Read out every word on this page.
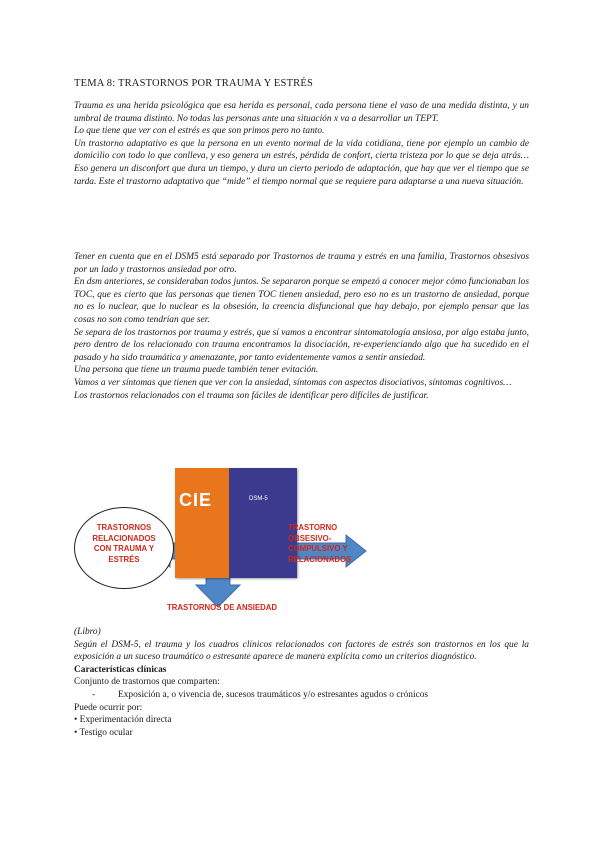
TEMA 8: TRASTORNOS POR TRAUMA Y ESTRÉS

Trauma es una herida psicológica que esa herida es personal, cada persona tiene el vaso de una medida distinta, y un umbral de trauma distinto. No todas las personas ante una situación x va a desarrollar un TEPT.

Lo que tiene que ver con el estrés es que son primos pero no tanto.

Un trastorno adaptativo es que la persona en un evento normal de la vida cotidiana, tiene por ejemplo un cambio de domicilio con todo lo que conlleva, y eso genera un estrés, pérdida de confort, cierta tristeza por lo que se deja atrás… Eso genera un disconfort que dura un tiempo, y dura un cierto periodo de adaptación, que hay que ver el tiempo que se tarda. Este el trastorno adaptativo que “mide” el tiempo normal que se requiere para adaptarse a una nueva situación.

Tener en cuenta que en el DSM5 está separado por Trastornos de trauma y estrés en una familia, Trastornos obsesivos por un lado y trastornos ansiedad por otro.

En dsm anteriores, se consideraban todos juntos. Se separaron porque se empezó a conocer mejor cómo funcionaban los TOC, que es cierto que las personas que tienen TOC tienen ansiedad, pero eso no es un trastorno de ansiedad, porque no es lo nuclear, que lo nuclear es la obsesión, la creencia disfuncional que hay debajo, por ejemplo pensar que las cosas no son como tendrían que ser.

Se separa de los trastornos por trauma y estrés, que sí vamos a encontrar sintomatología ansiosa, por algo estaba junto, pero dentro de los relacionado con trauma encontramos la disociación, re-experienciando algo que ha sucedido en el pasado y ha sido traumática y amenazante, por tanto evidentemente vamos a sentir ansiedad.

Una persona que tiene un trauma puede también tener evitación.

Vamos a ver síntomas que tienen que ver con la ansiedad, síntomas con aspectos disociativos, síntomas cognitivos…

Los trastornos relacionados con el trauma son fáciles de identificar pero difíciles de justificar.

CIE	DSM-5
TRASTORNOS RELACIONADOS CON TRAUMA Y ESTRÉS
TRASTORNO OBSESIVO-COMPULSIVO Y RELACIONADOS
TRASTORNOS DE ANSIEDAD

(Libro)

Según el DSM-5, el trauma y los cuadros clínicos relacionados con factores de estrés son trastornos en los que la exposición a un suceso traumático o estresante aparece de manera explícita como un criterios diagnóstico.

Características clínicas

Conjunto de trastornos que comparten:

- Exposición a, o vivencia de, sucesos traumáticos y/o estresantes agudos o crónicos

Puede ocurrir por:

• Experimentación directa

• Testigo ocular
